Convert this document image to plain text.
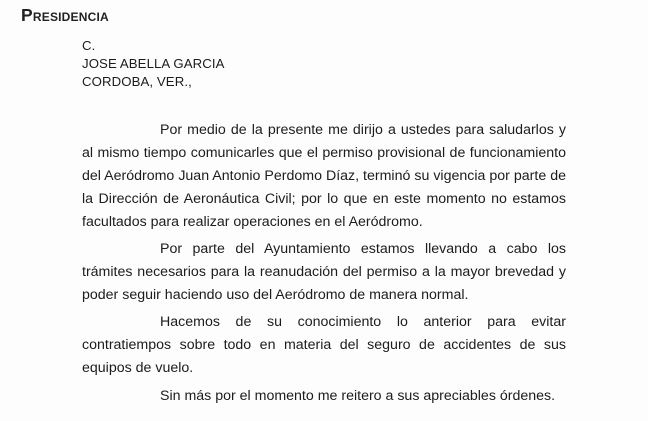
Presidencia
C.
JOSE ABELLA GARCIA
CORDOBA, VER.,

Por medio de la presente me dirijo a ustedes para saludarlos y al mismo tiempo comunicarles que el permiso provisional de funcionamiento del Aeródromo Juan Antonio Perdomo Díaz, terminó su vigencia por parte de la Dirección de Aeronáutica Civil; por lo que en este momento no estamos facultados para realizar operaciones en el Aeródromo.

Por parte del Ayuntamiento estamos llevando a cabo los trámites necesarios para la reanudación del permiso a la mayor brevedad y poder seguir haciendo uso del Aeródromo de manera normal.

Hacemos de su conocimiento lo anterior para evitar contratiempos sobre todo en materia del seguro de accidentes de sus equipos de vuelo.

Sin más por el momento me reitero a sus apreciables órdenes.
